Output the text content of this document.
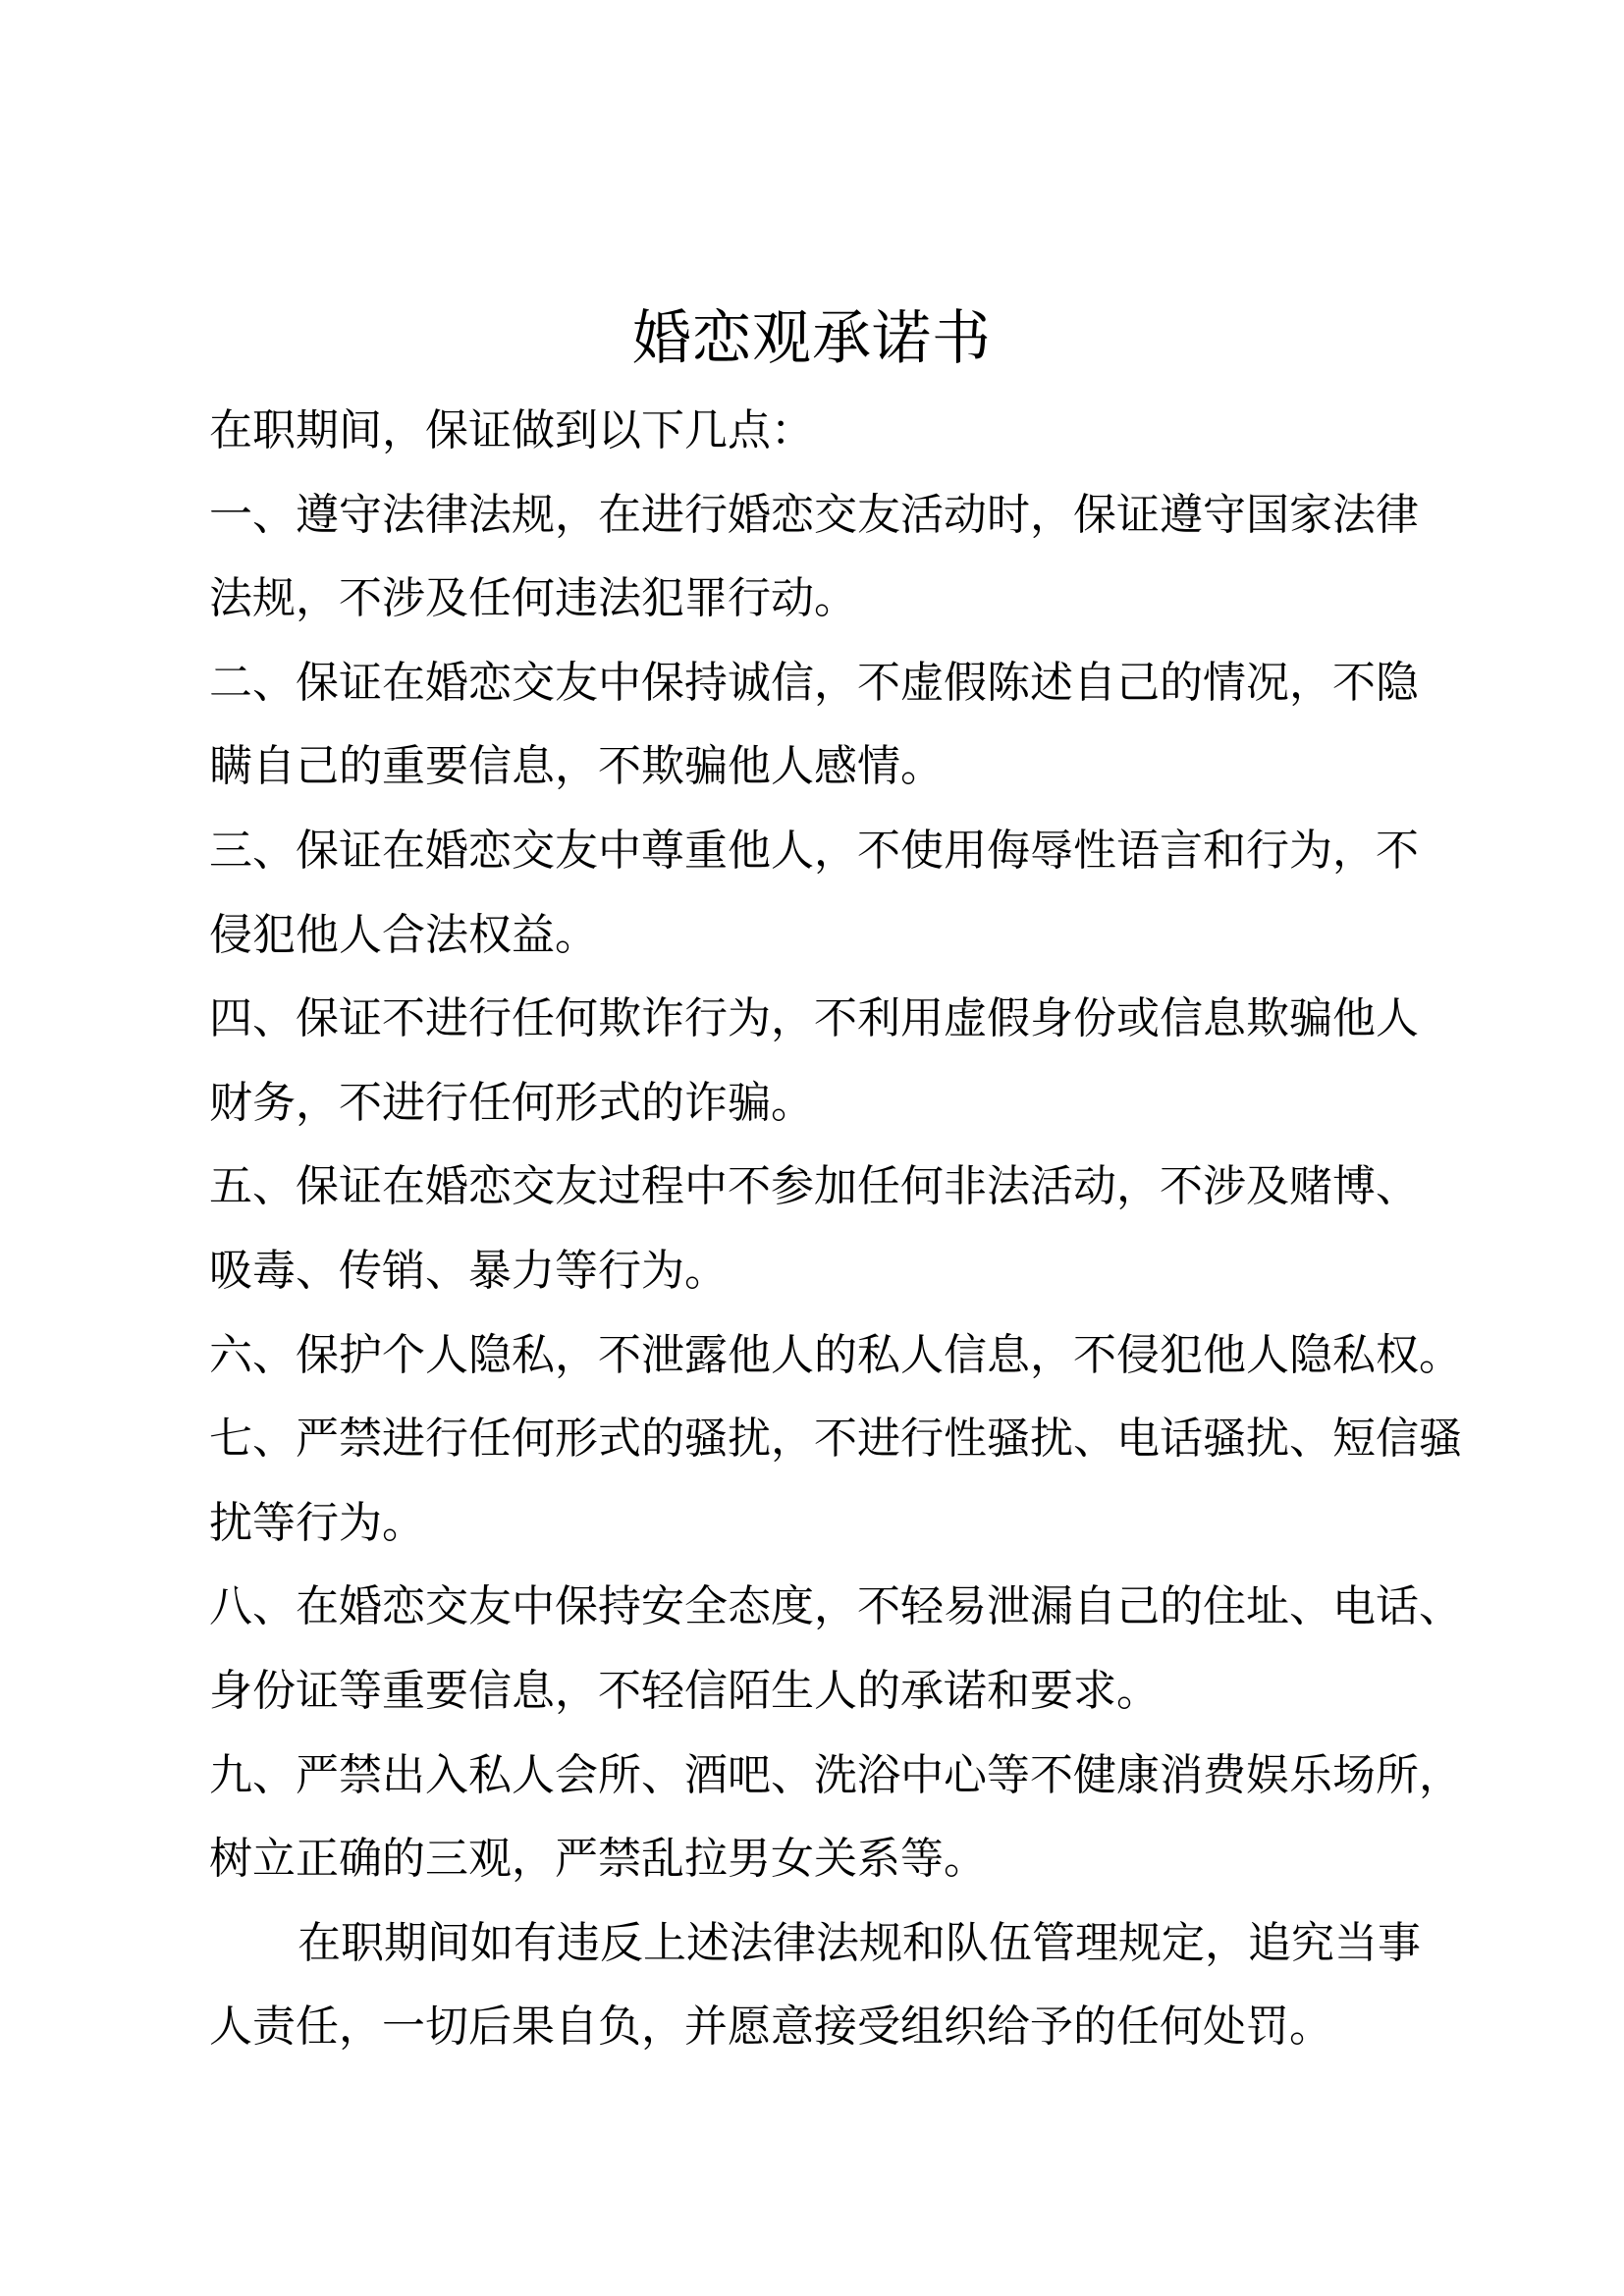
婚恋观承诺书
在职期间，保证做到以下几点：
一、遵守法律法规，在进行婚恋交友活动时，保证遵守国家法律
法规，不涉及任何违法犯罪行动。
二、保证在婚恋交友中保持诚信，不虚假陈述自己的情况，不隐
瞒自己的重要信息，不欺骗他人感情。
三、保证在婚恋交友中尊重他人，不使用侮辱性语言和行为，不
侵犯他人合法权益。
四、保证不进行任何欺诈行为，不利用虚假身份或信息欺骗他人
财务，不进行任何形式的诈骗。
五、保证在婚恋交友过程中不参加任何非法活动，不涉及赌博、
吸毒、传销、暴力等行为。
六、保护个人隐私，不泄露他人的私人信息，不侵犯他人隐私权。
七、严禁进行任何形式的骚扰，不进行性骚扰、电话骚扰、短信骚
扰等行为。
八、在婚恋交友中保持安全态度，不轻易泄漏自己的住址、电话、
身份证等重要信息，不轻信陌生人的承诺和要求。
九、严禁出入私人会所、酒吧、洗浴中心等不健康消费娱乐场所，
树立正确的三观，严禁乱拉男女关系等。
在职期间如有违反上述法律法规和队伍管理规定，追究当事
人责任，一切后果自负，并愿意接受组织给予的任何处罚。
